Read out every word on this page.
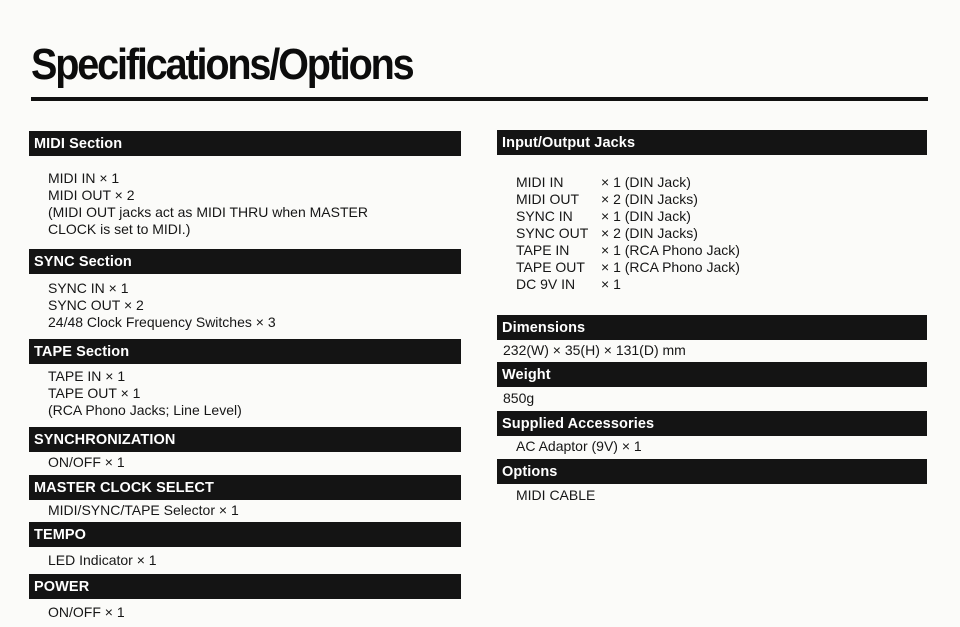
Specifications/Options
MIDI Section
MIDI IN × 1
MIDI OUT × 2
(MIDI OUT jacks act as MIDI THRU when MASTER
CLOCK is set to MIDI.)
SYNC Section
SYNC IN × 1
SYNC OUT × 2
24/48 Clock Frequency Switches × 3
TAPE Section
TAPE IN × 1
TAPE OUT × 1
(RCA Phono Jacks; Line Level)
SYNCHRONIZATION
ON/OFF × 1
MASTER CLOCK SELECT
MIDI/SYNC/TAPE Selector × 1
TEMPO
LED Indicator × 1
POWER
ON/OFF × 1
Input/Output Jacks
MIDI IN	× 1 (DIN Jack)
MIDI OUT	× 2 (DIN Jacks)
SYNC IN	× 1 (DIN Jack)
SYNC OUT × 2 (DIN Jacks)
TAPE IN	× 1 (RCA Phono Jack)
TAPE OUT	× 1 (RCA Phono Jack)
DC 9V IN	× 1
Dimensions
232(W) × 35(H) × 131(D) mm
Weight
850g
Supplied Accessories
AC Adaptor (9V) × 1
Options
MIDI CABLE
